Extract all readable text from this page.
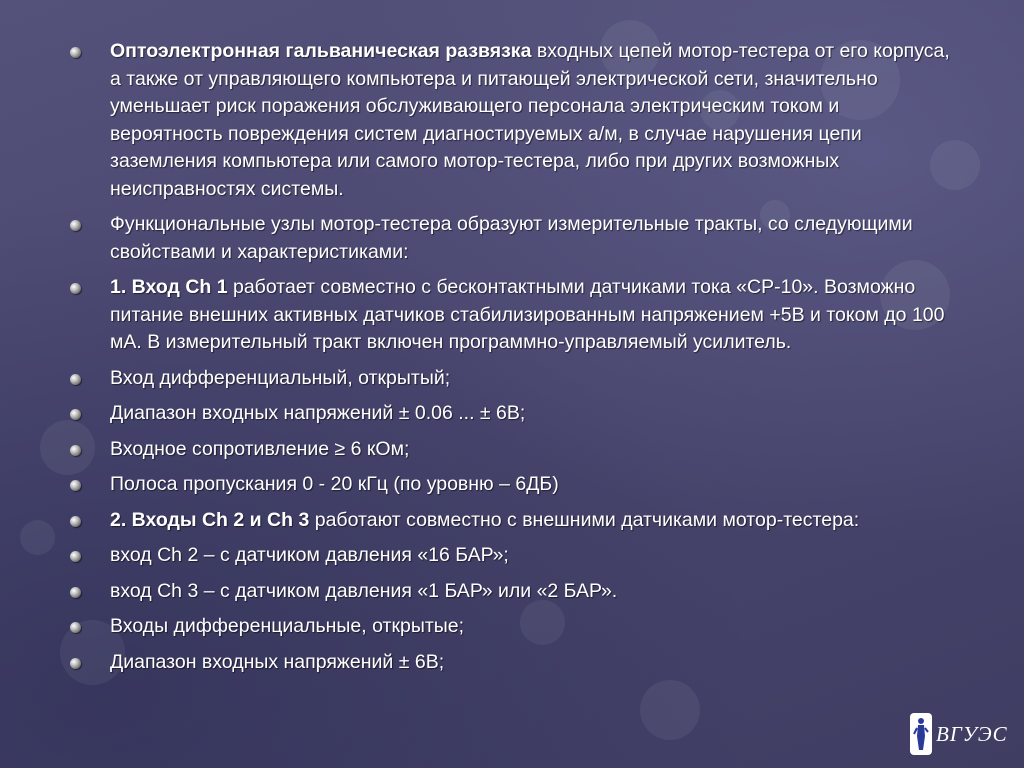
Оптоэлектронная гальваническая развязка входных цепей мотор-тестера от его корпуса, а также от управляющего компьютера и питающей электрической сети, значительно уменьшает риск поражения обслуживающего персонала электрическим током и вероятность повреждения систем диагностируемых а/м, в случае нарушения цепи заземления компьютера или самого мотор-тестера, либо при других возможных неисправностях системы.
Функциональные узлы мотор-тестера образуют измерительные тракты, со следующими свойствами и характеристиками:
1. Вход Ch 1 работает совместно с бесконтактными датчиками тока «CP-10». Возможно питание внешних активных датчиков стабилизированным напряжением +5В и током до 100 мА. В измерительный тракт включен программно-управляемый усилитель.
Вход дифференциальный, открытый;
Диапазон входных напряжений ± 0.06 ... ± 6В;
Входное сопротивление ≥ 6 кОм;
Полоса пропускания 0 - 20 кГц (по уровню – 6ДБ)
2. Входы Ch 2 и Ch 3 работают совместно с внешними датчиками мотор-тестера:
вход Ch 2 – с датчиком давления «16 БАР»;
вход Ch 3 – с датчиком давления «1 БАР» или «2 БАР».
Входы дифференциальные, открытые;
Диапазон входных напряжений ± 6В;
ВГУЭС
